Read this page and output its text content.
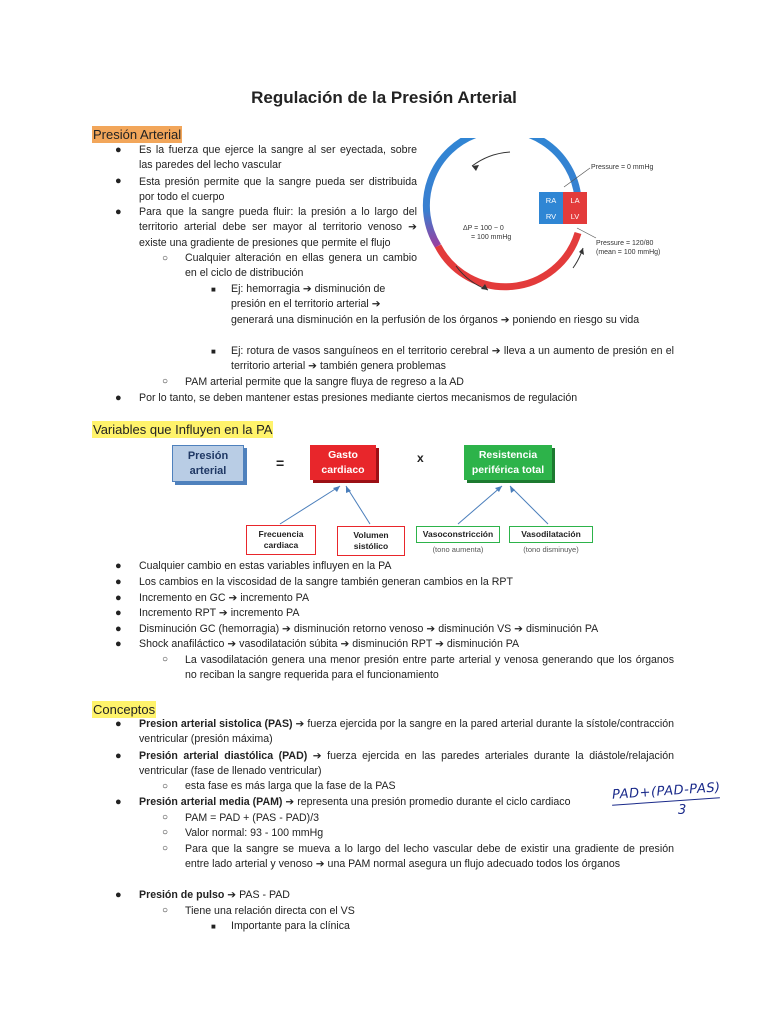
Regulación de la Presión Arterial
Presión Arterial
● Es la fuerza que ejerce la sangre al ser eyectada, sobre las paredes del lecho vascular
● Esta presión permite que la sangre pueda ser distribuida por todo el cuerpo
● Para que la sangre pueda fluir: la presión a lo largo del territorio arterial debe ser mayor al territorio venoso ➔ existe una gradiente de presiones que permite el flujo
○ Cualquier alteración en ellas genera un cambio en el ciclo de distribución
■ Ej: hemorragia ➔ disminución de
presión en el territorio arterial ➔
generará una disminución en la perfusión de los órganos ➔ poniendo en riesgo su vida
■ Ej: rotura de vasos sanguíneos en el territorio cerebral ➔ lleva a un aumento de presión en el territorio arterial ➔ también genera problemas
○ PAM arterial permite que la sangre fluya de regreso a la AD
● Por lo tanto, se deben mantener estas presiones mediante ciertos mecanismos de regulación
RA LA
RV LV
Pressure = 0 mmHg
Pressure = 120/80
(mean = 100 mmHg)
ΔP = 100 − 0
= 100 mmHg
Variables que Influyen en la PA
Presión
arterial	=
Gasto
cardiaco
x	Resistencia
periférica total
Frecuencia
cardiaca
Volumen
sistólico
Vasoconstricción	Vasodilatación
(tono aumenta)	(tono disminuye)
● Cualquier cambio en estas variables influyen en la PA
● Los cambios en la viscosidad de la sangre también generan cambios en la RPT
● Incremento en GC ➔ incremento PA
● Incremento RPT ➔ incremento PA
● Disminución GC (hemorragia) ➔ disminución retorno venoso ➔ disminución VS ➔ disminución PA
● Shock anafiláctico ➔ vasodilatación súbita ➔ disminución RPT ➔ disminución PA
○ La vasodilatación genera una menor presión entre parte arterial y venosa generando que los órganos no reciban la sangre requerida para el funcionamiento
Conceptos
● Presion arterial sistolica (PAS) ➔ fuerza ejercida por la sangre en la pared arterial durante la sístole/contracción ventricular (presión máxima)
● Presión arterial diastólica (PAD) ➔ fuerza ejercida en las paredes arteriales durante la diástole/relajación ventricular (fase de llenado ventricular)
○ esta fase es más larga que la fase de la PAS
● Presión arterial media (PAM) ➔ representa una presión promedio durante el ciclo cardiaco
○ PAM = PAD + (PAS - PAD)/3
○ Valor normal: 93 - 100 mmHg
○ Para que la sangre se mueva a lo largo del lecho vascular debe de existir una gradiente de presión entre lado arterial y venoso ➔ una PAM normal asegura un flujo adecuado todos los órganos
● Presión de pulso ➔ PAS - PAD
○ Tiene una relación directa con el VS
■ Importante para la clínica
PAD+(PAD-PAS)
3
